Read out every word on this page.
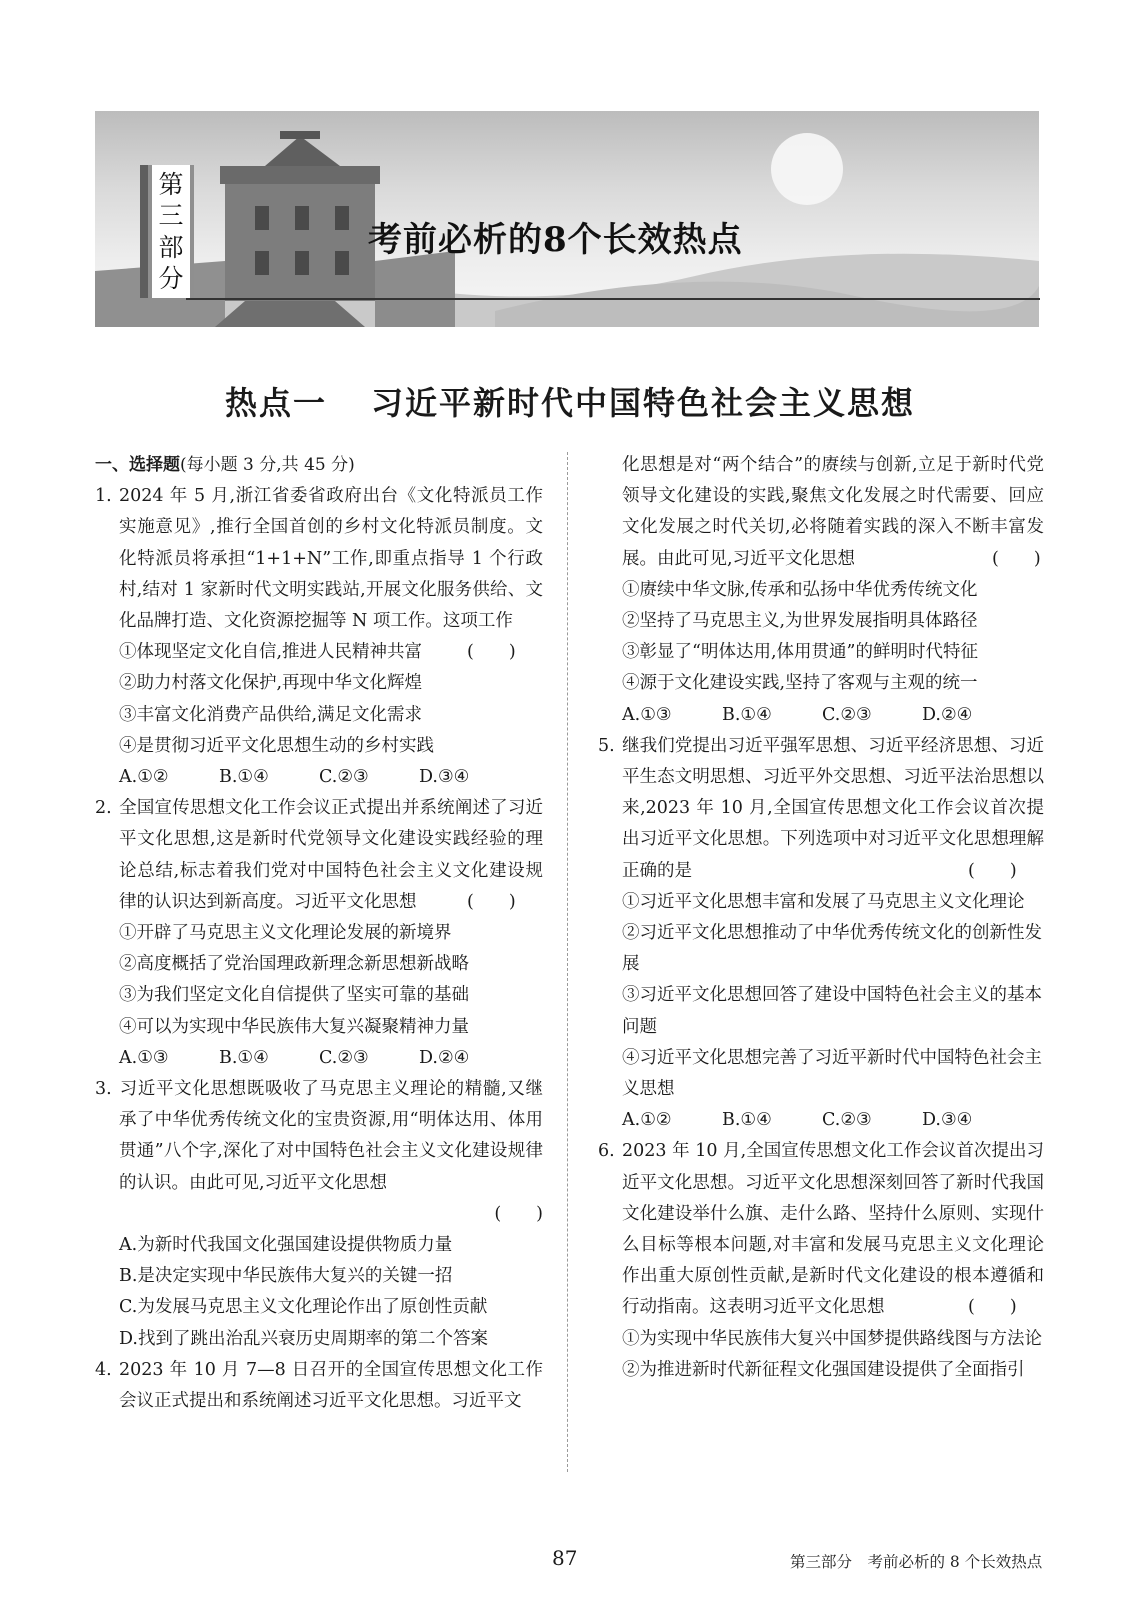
第
三
部
分
考前必析的8个长效热点
热点一 习近平新时代中国特色社会主义思想

一、选择题(每小题 3 分,共 45 分)

1. 2024 年 5 月,浙江省委省政府出台《文化特派员工作实施意见》,推行全国首创的乡村文化特派员制度。文化特派员将承担“1+1+N”工作,即重点指导 1 个行政村,结对 1 家新时代文明实践站,开展文化服务供给、文化品牌打造、文化资源挖掘等 N 项工作。这项工作
(　　)

①体现坚定文化自信,推进人民精神共富

②助力村落文化保护,再现中华文化辉煌

③丰富文化消费产品供给,满足文化需求

④是贯彻习近平文化思想生动的乡村实践

A.①②	B.①④	C.②③	D.③④

2. 全国宣传思想文化工作会议正式提出并系统阐述了习近平文化思想,这是新时代党领导文化建设实践经验的理论总结,标志着我们党对中国特色社会主义文化建设规律的认识达到新高度。习近平文化思想	(　　)

①开辟了马克思主义文化理论发展的新境界

②高度概括了党治国理政新理念新思想新战略

③为我们坚定文化自信提供了坚实可靠的基础

④可以为实现中华民族伟大复兴凝聚精神力量

A.①③	B.①④	C.②③	D.②④

3. 习近平文化思想既吸收了马克思主义理论的精髓,又继承了中华优秀传统文化的宝贵资源,用“明体达用、体用贯通”八个字,深化了对中国特色社会主义文化建设规律的认识。由此可见,习近平文化思想

(　　)

A.为新时代我国文化强国建设提供物质力量

B.是决定实现中华民族伟大复兴的关键一招

C.为发展马克思主义文化理论作出了原创性贡献

D.找到了跳出治乱兴衰历史周期率的第二个答案

4. 2023 年 10 月 7—8 日召开的全国宣传思想文化工作会议正式提出和系统阐述习近平文化思想。习近平文

化思想是对“两个结合”的赓续与创新,立足于新时代党领导文化建设的实践,聚焦文化发展之时代需要、回应文化发展之时代关切,必将随着实践的深入不断丰富发展。由此可见,习近平文化思想	(　　)

①赓续中华文脉,传承和弘扬中华优秀传统文化

②坚持了马克思主义,为世界发展指明具体路径

③彰显了“明体达用,体用贯通”的鲜明时代特征

④源于文化建设实践,坚持了客观与主观的统一

A.①③	B.①④	C.②③	D.②④

5. 继我们党提出习近平强军思想、习近平经济思想、习近平生态文明思想、习近平外交思想、习近平法治思想以来,2023 年 10 月,全国宣传思想文化工作会议首次提出习近平文化思想。下列选项中对习近平文化思想理解正确的是	(　　)

①习近平文化思想丰富和发展了马克思主义文化理论

②习近平文化思想推动了中华优秀传统文化的创新性发展

③习近平文化思想回答了建设中国特色社会主义的基本问题

④习近平文化思想完善了习近平新时代中国特色社会主义思想

A.①②	B.①④	C.②③	D.③④

6. 2023 年 10 月,全国宣传思想文化工作会议首次提出习近平文化思想。习近平文化思想深刻回答了新时代我国文化建设举什么旗、走什么路、坚持什么原则、实现什么目标等根本问题,对丰富和发展马克思主义文化理论作出重大原创性贡献,是新时代文化建设的根本遵循和行动指南。这表明习近平文化思想	(　　)

①为实现中华民族伟大复兴中国梦提供路线图与方法论

②为推进新时代新征程文化强国建设提供了全面指引

87	第三部分　考前必析的 8 个长效热点
